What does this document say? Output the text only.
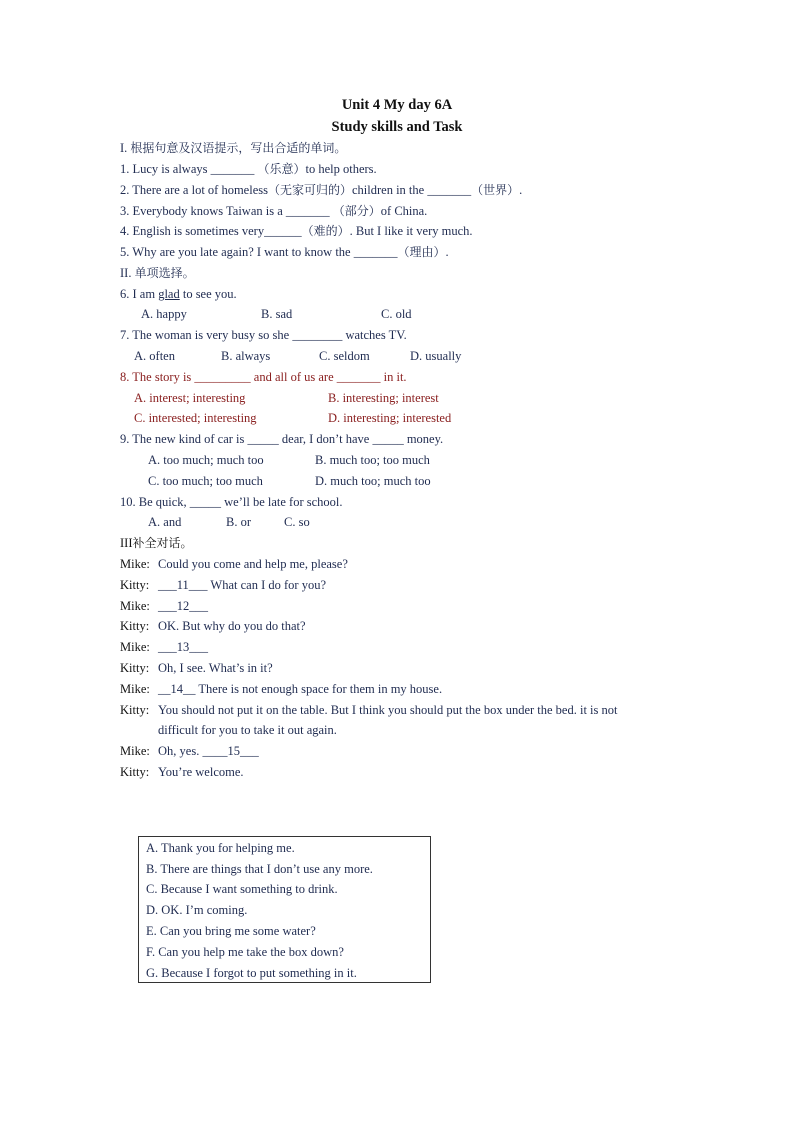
Unit 4 My day 6A
Study skills and Task
I. 根据句意及汉语提示，写出合适的单词。
1. Lucy is always _______ （乐意）to help others.
2. There are a lot of homeless（无家可归的）children in the _______（世界）.
3. Everybody knows Taiwan is a _______ （部分）of China.
4. English is sometimes very______（难的）. But I like it very much.
5. Why are you late again? I want to know the _______（理由）.
II. 单项选择。
6. I am glad to see you.
A. happy	B. sad	C. old
7. The woman is very busy so she ________ watches TV.
A. often	B. always	C. seldom	D. usually
8. The story is _________ and all of us are _______ in it.
A. interest; interesting	B. interesting; interest
C. interested; interesting	D. interesting; interested
9. The new kind of car is _____ dear, I don’t have _____ money.
A. too much; much too	B. much too; too much
C. too much; too much	D. much too; much too
10. Be quick, _____ we’ll be late for school.
A. and	B. or	C. so
III补全对话。
Mike: Could you come and help me, please?
Kitty: ___11___ What can I do for you?
Mike: ___12___
Kitty: OK. But why do you do that?
Mike: ___13___
Kitty: Oh, I see. What’s in it?
Mike: __14__ There is not enough space for them in my house.
Kitty: You should not put it on the table. But I think you should put the box under the bed. it is not
difficult for you to take it out again.
Mike: Oh, yes. ____15___
Kitty: You’re welcome.
A. Thank you for helping me.
B. There are things that I don’t use any more.
C. Because I want something to drink.
D. OK. I’m coming.
E. Can you bring me some water?
F. Can you help me take the box down?
G. Because I forgot to put something in it.
